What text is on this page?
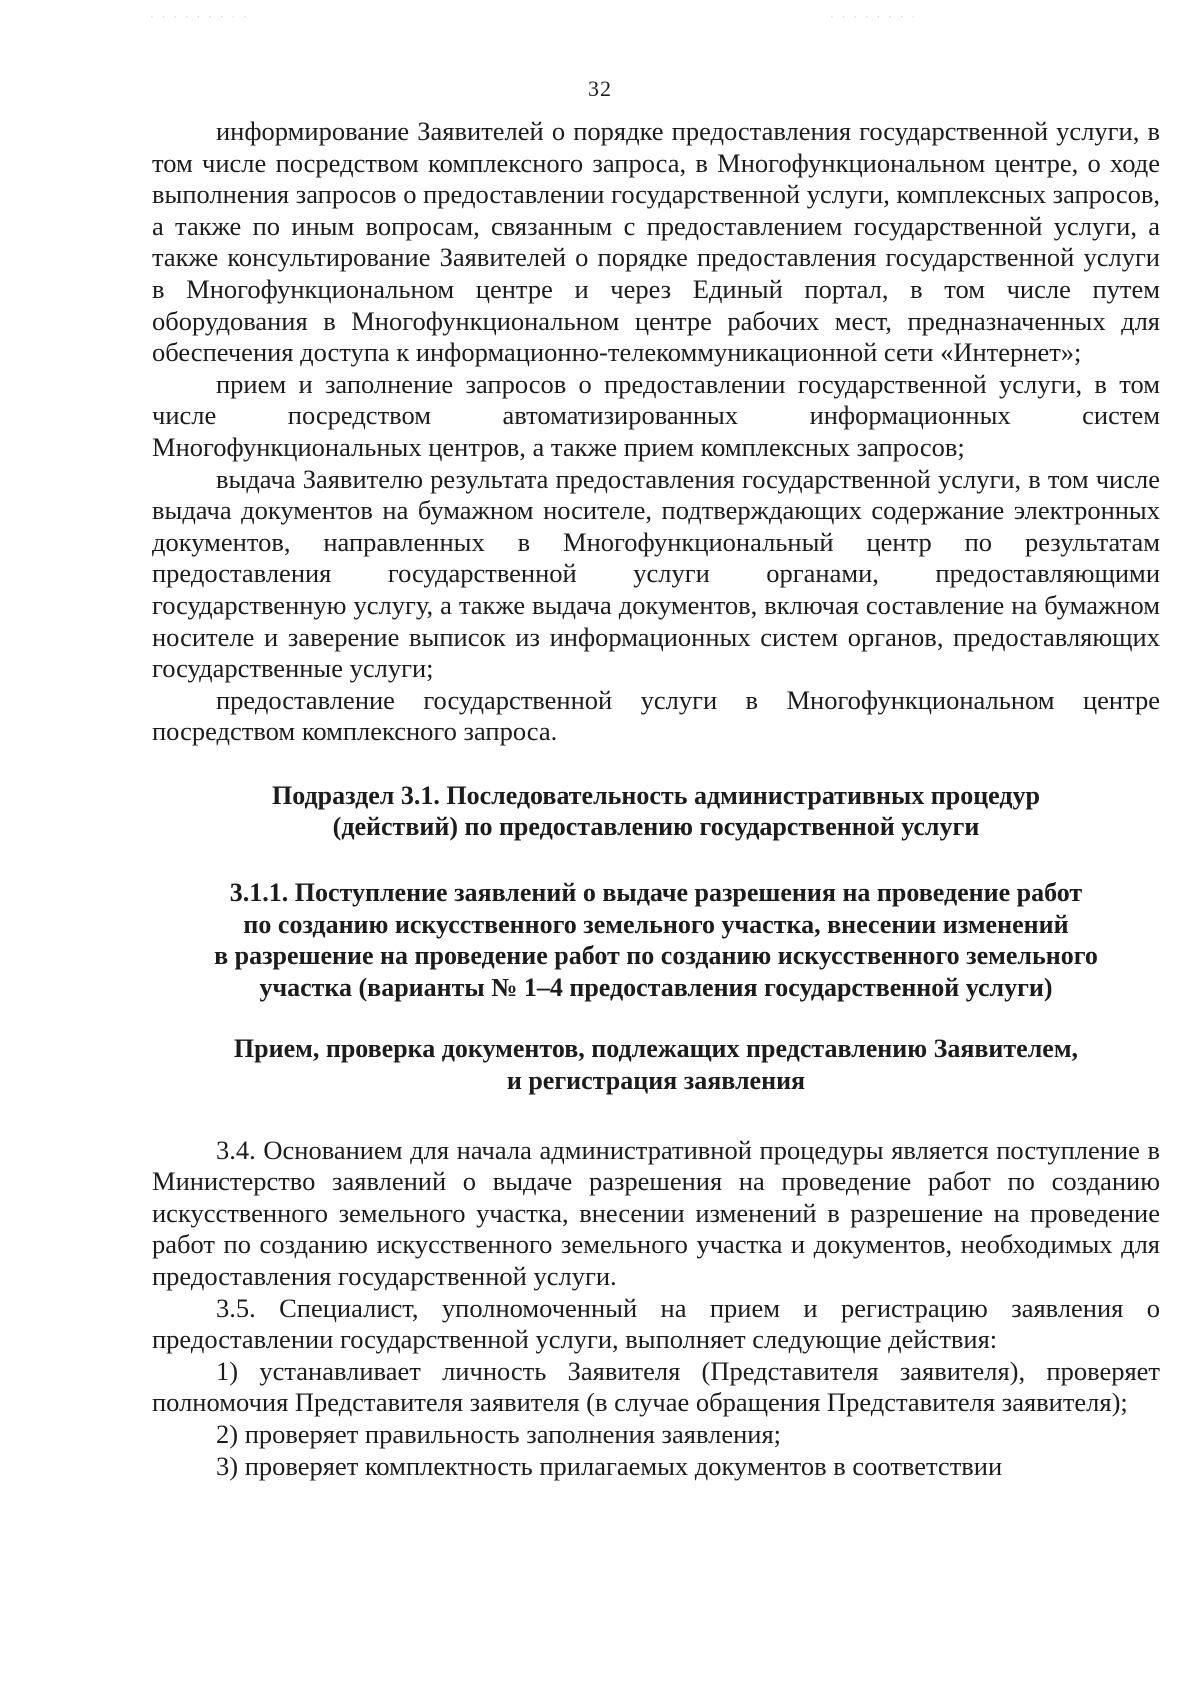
· · · · · · · · ·	· · · · · · · ·
32

информирование Заявителей о порядке предоставления государственной услуги, в том числе посредством комплексного запроса, в Многофункциональном центре, о ходе выполнения запросов о предоставлении государственной услуги, комплексных запросов, а также по иным вопросам, связанным с предоставлением государственной услуги, а также консультирование Заявителей о порядке предоставления государственной услуги в Многофункциональном центре и через Единый портал, в том числе путем оборудования в Многофункциональном центре рабочих мест, предназначенных для обеспечения доступа к информационно-телекоммуникационной сети «Интернет»;

прием и заполнение запросов о предоставлении государственной услуги, в том числе посредством автоматизированных информационных систем Многофункциональных центров, а также прием комплексных запросов;

выдача Заявителю результата предоставления государственной услуги, в том числе выдача документов на бумажном носителе, подтверждающих содержание электронных документов, направленных в Многофункциональный центр по результатам предоставления государственной услуги органами, предоставляющими государственную услугу, а также выдача документов, включая составление на бумажном носителе и заверение выписок из информационных систем органов, предоставляющих государственные услуги;

предоставление государственной услуги в Многофункциональном центре посредством комплексного запроса.

Подраздел 3.1. Последовательность административных процедур
(действий) по предоставлению государственной услуги
3.1.1. Поступление заявлений о выдаче разрешения на проведение работ
по созданию искусственного земельного участка, внесении изменений
в разрешение на проведение работ по созданию искусственного земельного
участка (варианты № 1–4 предоставления государственной услуги)
Прием, проверка документов, подлежащих представлению Заявителем,
и регистрация заявления

3.4. Основанием для начала административной процедуры является поступление в Министерство заявлений о выдаче разрешения на проведение работ по созданию искусственного земельного участка, внесении изменений в разрешение на проведение работ по созданию искусственного земельного участка и документов, необходимых для предоставления государственной услуги.

3.5. Специалист, уполномоченный на прием и регистрацию заявления о предоставлении государственной услуги, выполняет следующие действия:

1) устанавливает личность Заявителя (Представителя заявителя), проверяет полномочия Представителя заявителя (в случае обращения Представителя заявителя);

2) проверяет правильность заполнения заявления;

3) проверяет комплектность прилагаемых документов в соответствии
